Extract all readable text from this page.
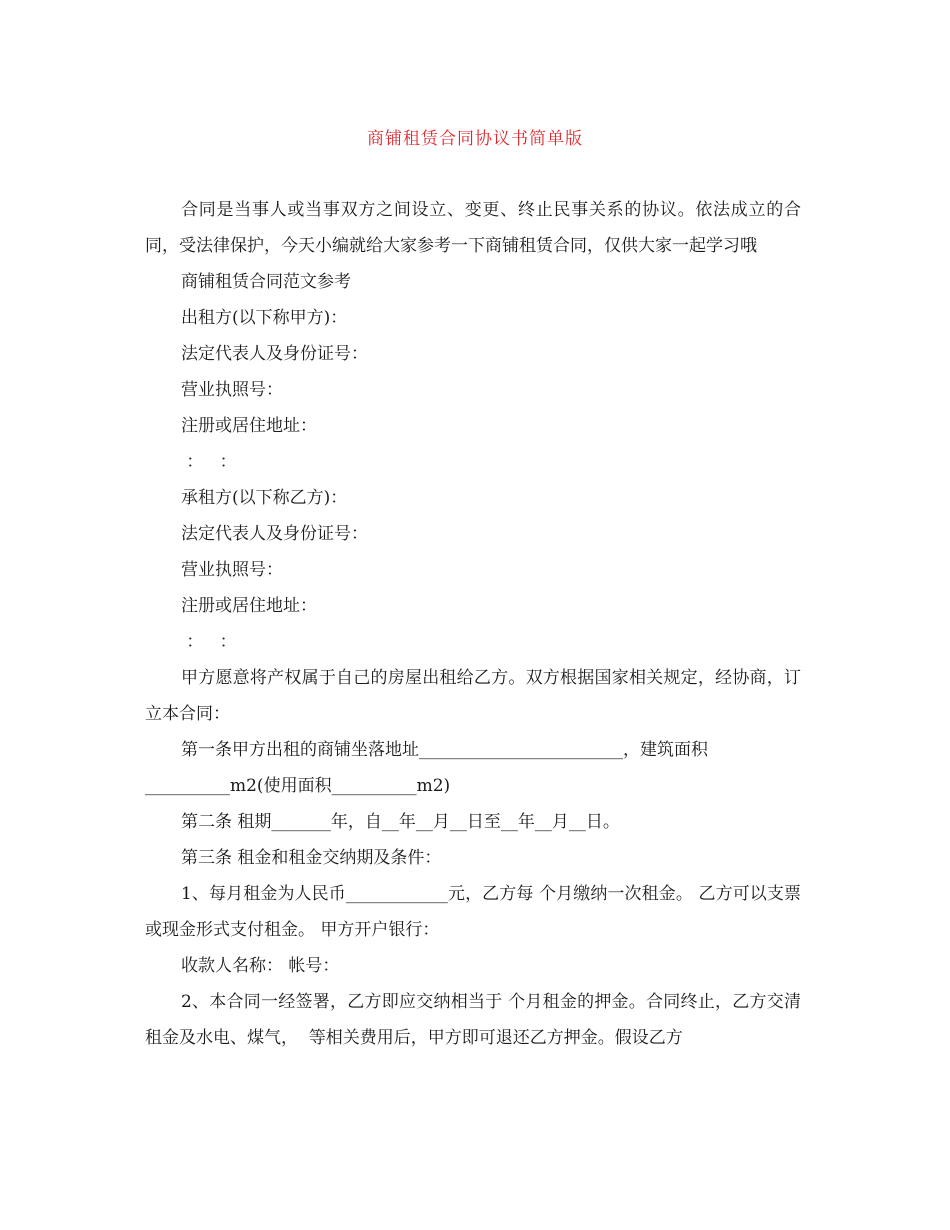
商铺租赁合同协议书简单版

合同是当事人或当事双方之间设立、变更、终止民事关系的协议。依法成立的合同，受法律保护，今天小编就给大家参考一下商铺租赁合同，仅供大家一起学习哦

商铺租赁合同范文参考

出租方(以下称甲方)：

法定代表人及身份证号：

营业执照号：

注册或居住地址：

：   ：

承租方(以下称乙方)：

法定代表人及身份证号：

营业执照号：

注册或居住地址：

：   ：

甲方愿意将产权属于自己的房屋出租给乙方。双方根据国家相关规定，经协商，订立本合同：

第一条甲方出租的商铺坐落地址________________________，建筑面积

__________m2(使用面积__________m2)

第二条 租期_______年，自__年__月__日至__年__月__日。

第三条 租金和租金交纳期及条件：

1、每月租金为人民币____________元，乙方每 个月缴纳一次租金。 乙方可以支票或现金形式支付租金。 甲方开户银行：

收款人名称： 帐号：

2、本合同一经签署，乙方即应交纳相当于 个月租金的押金。合同终止，乙方交清租金及水电、煤气，  等相关费用后，甲方即可退还乙方押金。假设乙方
